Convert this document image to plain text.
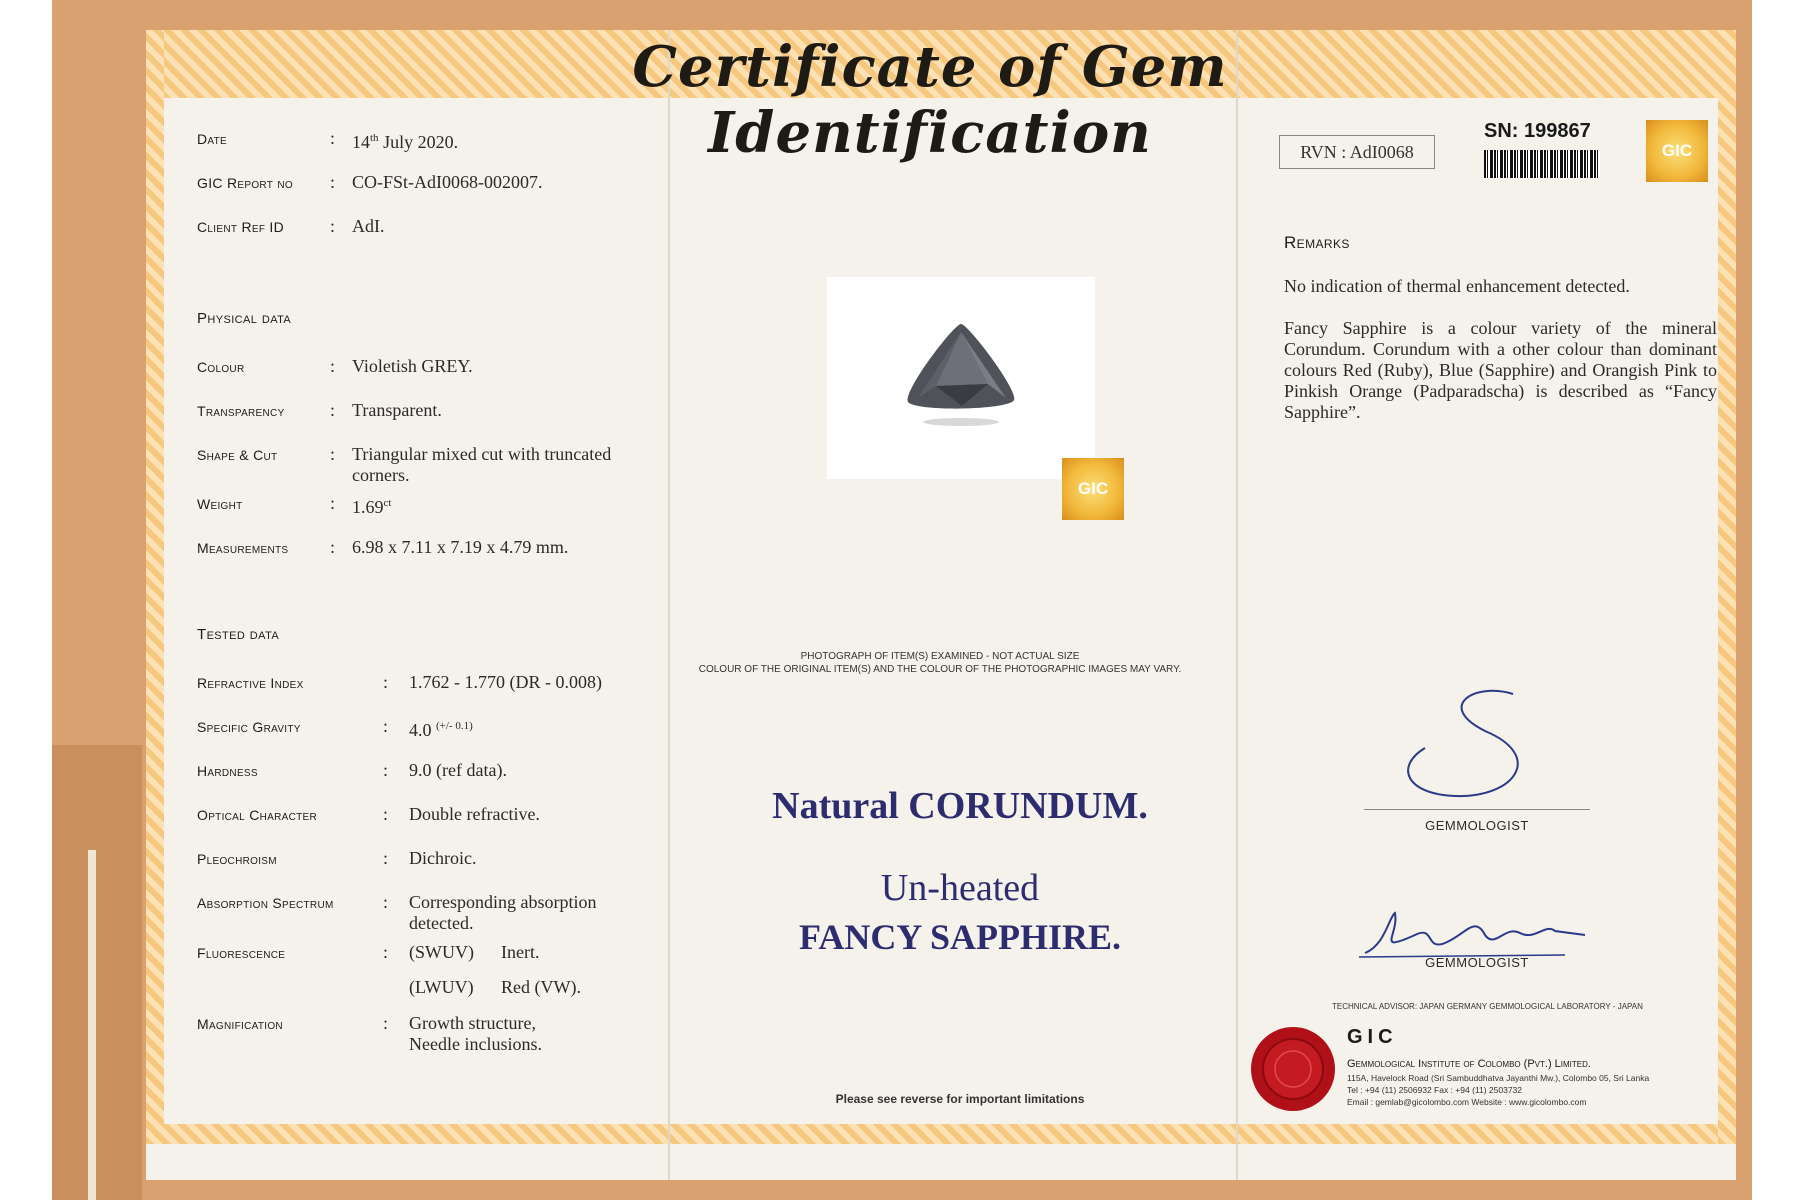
Certificate of Gem Identification
Date	: 14th July 2020.
GIC Report no	: CO-FSt-AdI0068-002007.
Client Ref ID	: AdI.
Physical data
Colour	: Violetish GREY.
Transparency	: Transparent.
Shape & Cut	: Triangular mixed cut with truncated
corners.
Weight	: $1.69^{ct}$
Measurements	: 6.98 x 7.11 x 7.19 x 4.79 mm.
Tested data
Refractive Index	:	1.762 - 1.770 (DR - 0.008)
Specific Gravity	:	4.0 $^{(+/- 0.1)}$
Hardness	:	9.0 (ref data).
Optical Character	:	Double refractive.
Pleochroism	:	Dichroic.
Absorption Spectrum	:	Corresponding absorption
detected.
Fluorescence	:	(SWUV) Inert.
(LWUV) Red (VW).
Magnification	:	Growth structure,
Needle inclusions.
GIC
PHOTOGRAPH OF ITEM(S) EXAMINED - NOT ACTUAL SIZE
COLOUR OF THE ORIGINAL ITEM(S) AND THE COLOUR OF THE PHOTOGRAPHIC IMAGES MAY VARY.
Natural CORUNDUM.
Un-heated
FANCY SAPPHIRE.
Please see reverse for important limitations
RVN : AdI0068
SN: 199867
GIC
Remarks
No indication of thermal enhancement detected.
Fancy Sapphire is a colour variety of the mineral Corundum. Corundum with a other colour than dominant colours Red (Ruby), Blue (Sapphire) and Orangish Pink to Pinkish Orange (Padparadscha) is described as “Fancy Sapphire”.
GEMMOLOGIST
GEMMOLOGIST
TECHNICAL ADVISOR: JAPAN GERMANY GEMMOLOGICAL LABORATORY - JAPAN
GIC
Gemmological Institute of Colombo (Pvt.) Limited.
115A, Havelock Road (Sri Sambuddhatva Jayanthi Mw.), Colombo 05, Sri Lanka
Tel : +94 (11) 2506932 Fax : +94 (11) 2503732
Email : gemlab@gicolombo.com Website : www.gicolombo.com
